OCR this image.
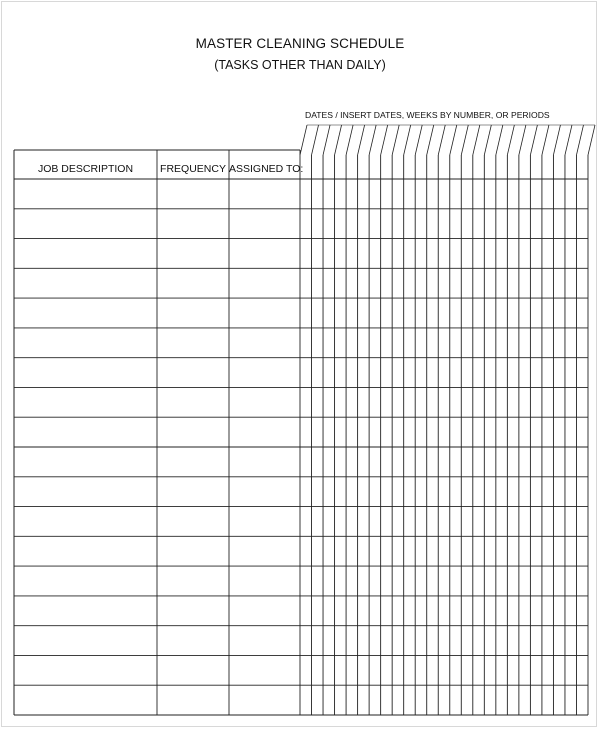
MASTER CLEANING SCHEDULE
(TASKS OTHER THAN DAILY)
DATES / INSERT DATES, WEEKS BY NUMBER, OR PERIODS
JOB DESCRIPTION	FREQUENCY ASSIGNED TO:
